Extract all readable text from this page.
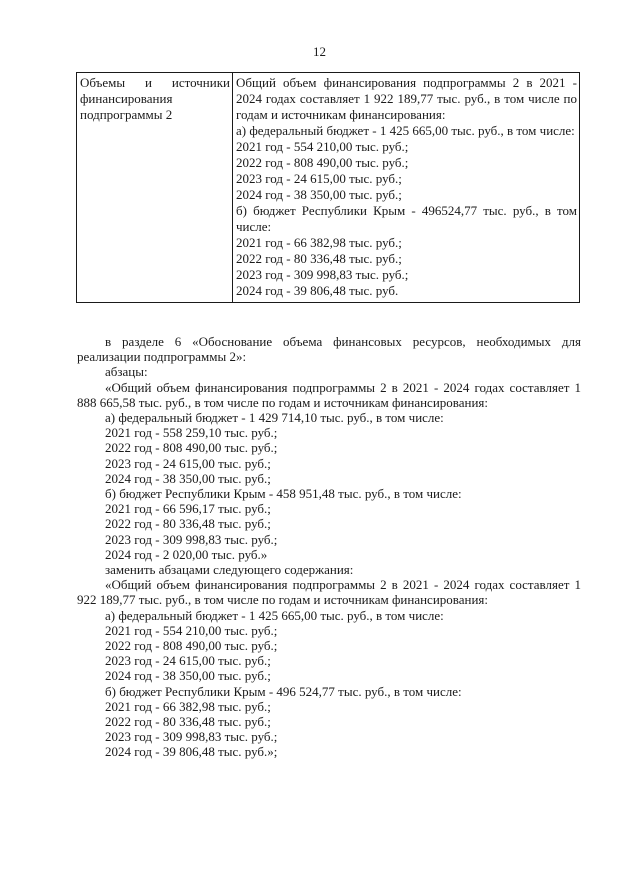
12
Объемы и источники финансирования подпрограммы 2	
Общий объем финансирования подпрограммы 2 в 2021 - 2024 годах составляет 1 922 189,77 тыс. руб., в том числе по годам и источникам финансирования:
а) федеральный бюджет - 1 425 665,00 тыс. руб., в том числе:
2021 год - 554 210,00 тыс. руб.;
2022 год - 808 490,00 тыс. руб.;
2023 год - 24 615,00 тыс. руб.;
2024 год - 38 350,00 тыс. руб.;
б) бюджет Республики Крым - 496524,77 тыс. руб., в том числе:
2021 год - 66 382,98 тыс. руб.;
2022 год - 80 336,48 тыс. руб.;
2023 год - 309 998,83 тыс. руб.;
2024 год - 39 806,48 тыс. руб.

в разделе 6 «Обоснование объема финансовых ресурсов, необходимых для реализации подпрограммы 2»:

абзацы:

«Общий объем финансирования подпрограммы 2 в 2021 - 2024 годах составляет 1 888 665,58 тыс. руб., в том числе по годам и источникам финансирования:

а) федеральный бюджет - 1 429 714,10 тыс. руб., в том числе:

2021 год - 558 259,10 тыс. руб.;

2022 год - 808 490,00 тыс. руб.;

2023 год - 24 615,00 тыс. руб.;

2024 год - 38 350,00 тыс. руб.;

б) бюджет Республики Крым - 458 951,48 тыс. руб., в том числе:

2021 год - 66 596,17 тыс. руб.;

2022 год - 80 336,48 тыс. руб.;

2023 год - 309 998,83 тыс. руб.;

2024 год - 2 020,00 тыс. руб.»

заменить абзацами следующего содержания:

«Общий объем финансирования подпрограммы 2 в 2021 - 2024 годах составляет 1 922 189,77 тыс. руб., в том числе по годам и источникам финансирования:

а) федеральный бюджет - 1 425 665,00 тыс. руб., в том числе:

2021 год - 554 210,00 тыс. руб.;

2022 год - 808 490,00 тыс. руб.;

2023 год - 24 615,00 тыс. руб.;

2024 год - 38 350,00 тыс. руб.;

б) бюджет Республики Крым - 496 524,77 тыс. руб., в том числе:

2021 год - 66 382,98 тыс. руб.;

2022 год - 80 336,48 тыс. руб.;

2023 год - 309 998,83 тыс. руб.;

2024 год - 39 806,48 тыс. руб.»;
